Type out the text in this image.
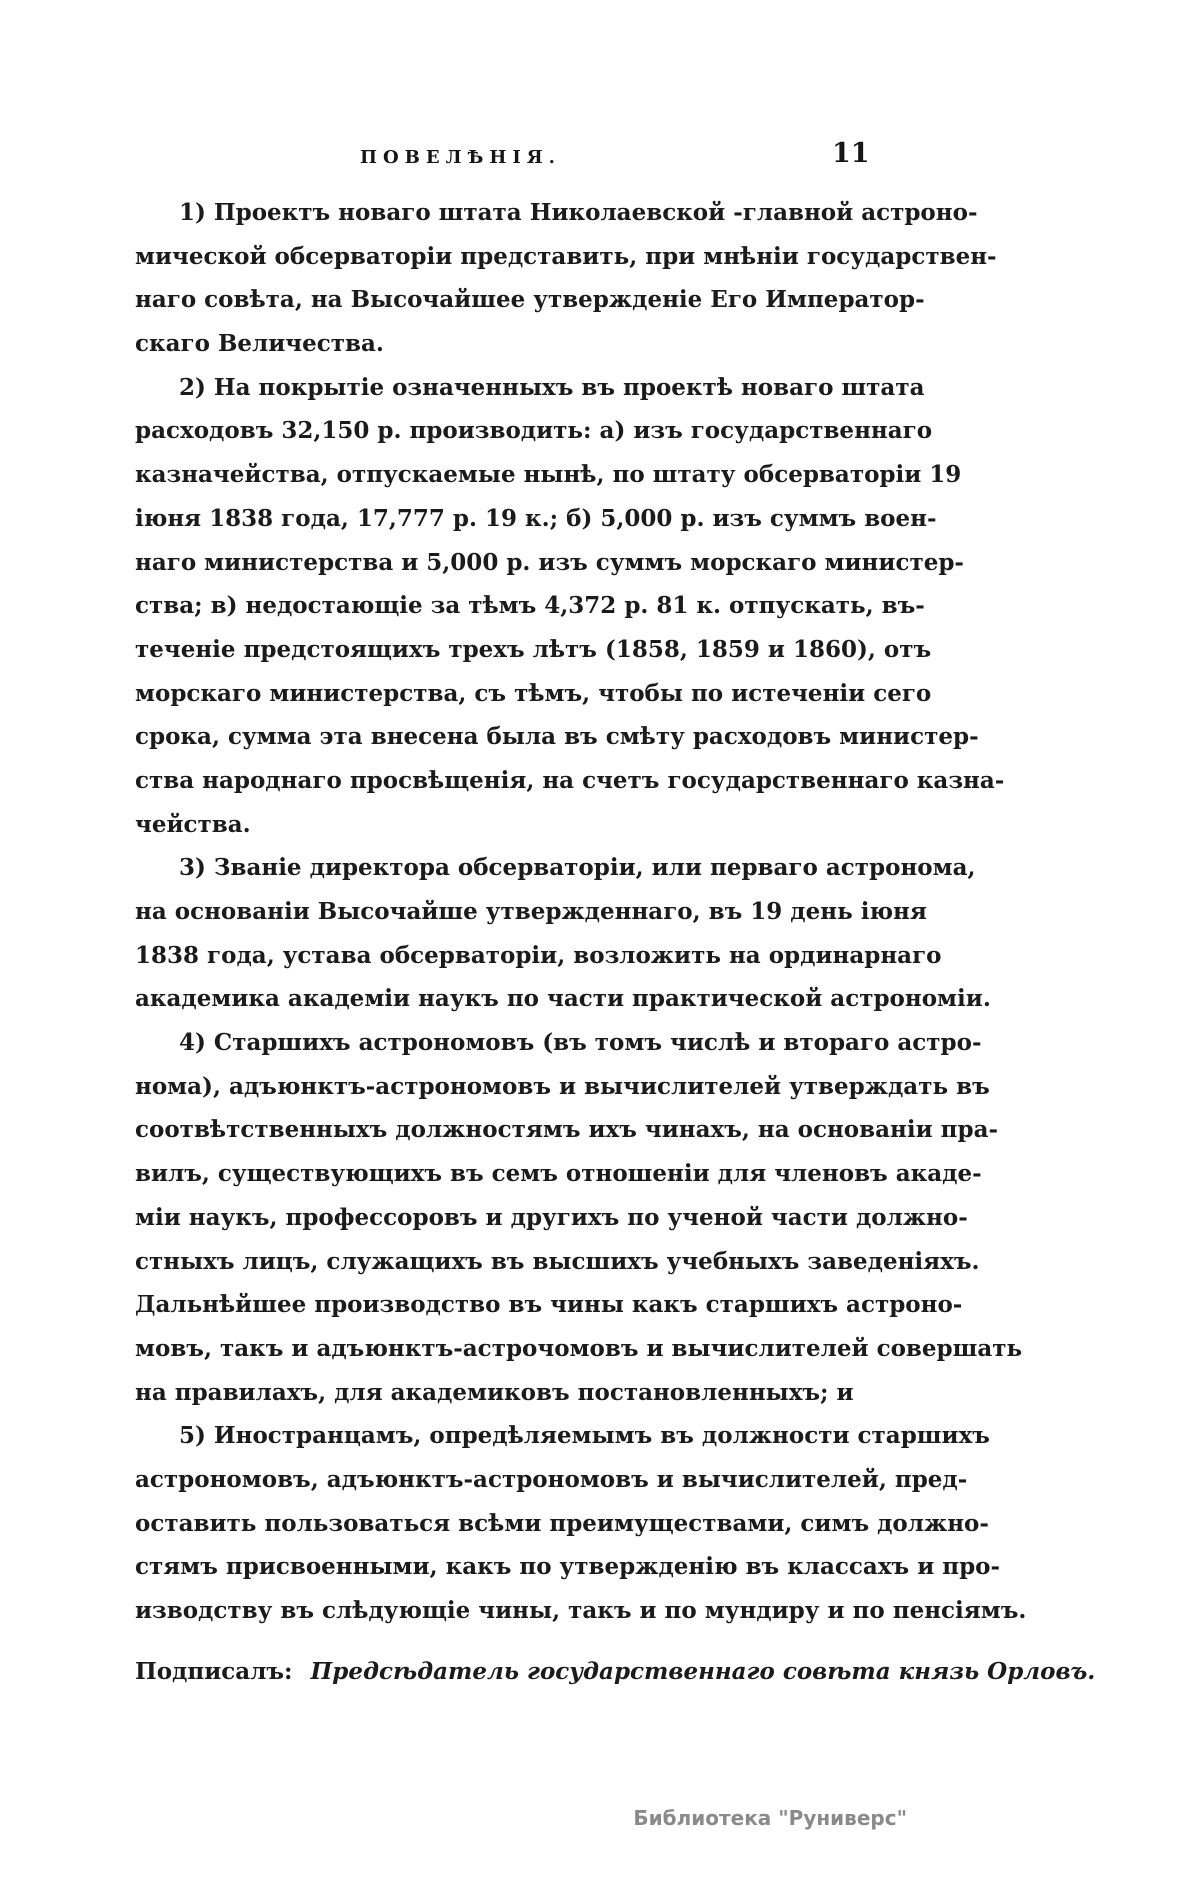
ПОВЕЛѢНІЯ.	11
1) Проектъ новаго штата Николаевской -главной астроно-
мической обсерваторіи представить, при мнѣніи государствен-
наго совѣта, на Высочайшее утвержденіе Его Император-
скаго Величества.
2) На покрытіе означенныхъ въ проектѣ новаго штата
расходовъ 32,150 р. производить: а) изъ государственнаго
казначейства, отпускаемые нынѣ, по штату обсерваторіи 19
іюня 1838 года, 17,777 р. 19 к.; б) 5,000 р. изъ суммъ воен-
наго министерства и 5,000 р. изъ суммъ морскаго министер-
ства; в) недостающіе за тѣмъ 4,372 р. 81 к. отпускать, въ-
теченіе предстоящихъ трехъ лѣтъ (1858, 1859 и 1860), отъ
морскаго министерства, съ тѣмъ, чтобы по истеченіи сего
срока, сумма эта внесена была въ смѣту расходовъ министер-
ства народнаго просвѣщенія, на счетъ государственнаго казна-
чейства.
3) Званіе директора обсерваторіи, или перваго астронома,
на основаніи Высочайше утвержденнаго, въ 19 день іюня
1838 года, устава обсерваторіи, возложить на ординарнаго
академика академіи наукъ по части практической астрономіи.
4) Старшихъ астрономовъ (въ томъ числѣ и втораго астро-
нома), адъюнктъ-астрономовъ и вычислителей утверждать въ
соотвѣтственныхъ должностямъ ихъ чинахъ, на основаніи пра-
вилъ, существующихъ въ семъ отношеніи для членовъ акаде-
міи наукъ, профессоровъ и другихъ по ученой части должно-
стныхъ лицъ, служащихъ въ высшихъ учебныхъ заведеніяхъ.
Дальнѣйшее производство въ чины какъ старшихъ астроно-
мовъ, такъ и адъюнктъ-астрочомовъ и вычислителей совершать
на правилахъ, для академиковъ постановленныхъ; и
5) Иностранцамъ, опредѣляемымъ въ должности старшихъ
астрономовъ, адъюнктъ-астрономовъ и вычислителей, пред-
оставить пользоваться всѣми преимуществами, симъ должно-
стямъ присвоенными, какъ по утвержденію въ классахъ и про-
изводству въ слѣдующіе чины, такъ и по мундиру и по пенсіямъ.
Подписалъ: Предсѣдатель государственнаго совѣта князь Орловъ.
Библиотека "Руниверс"
